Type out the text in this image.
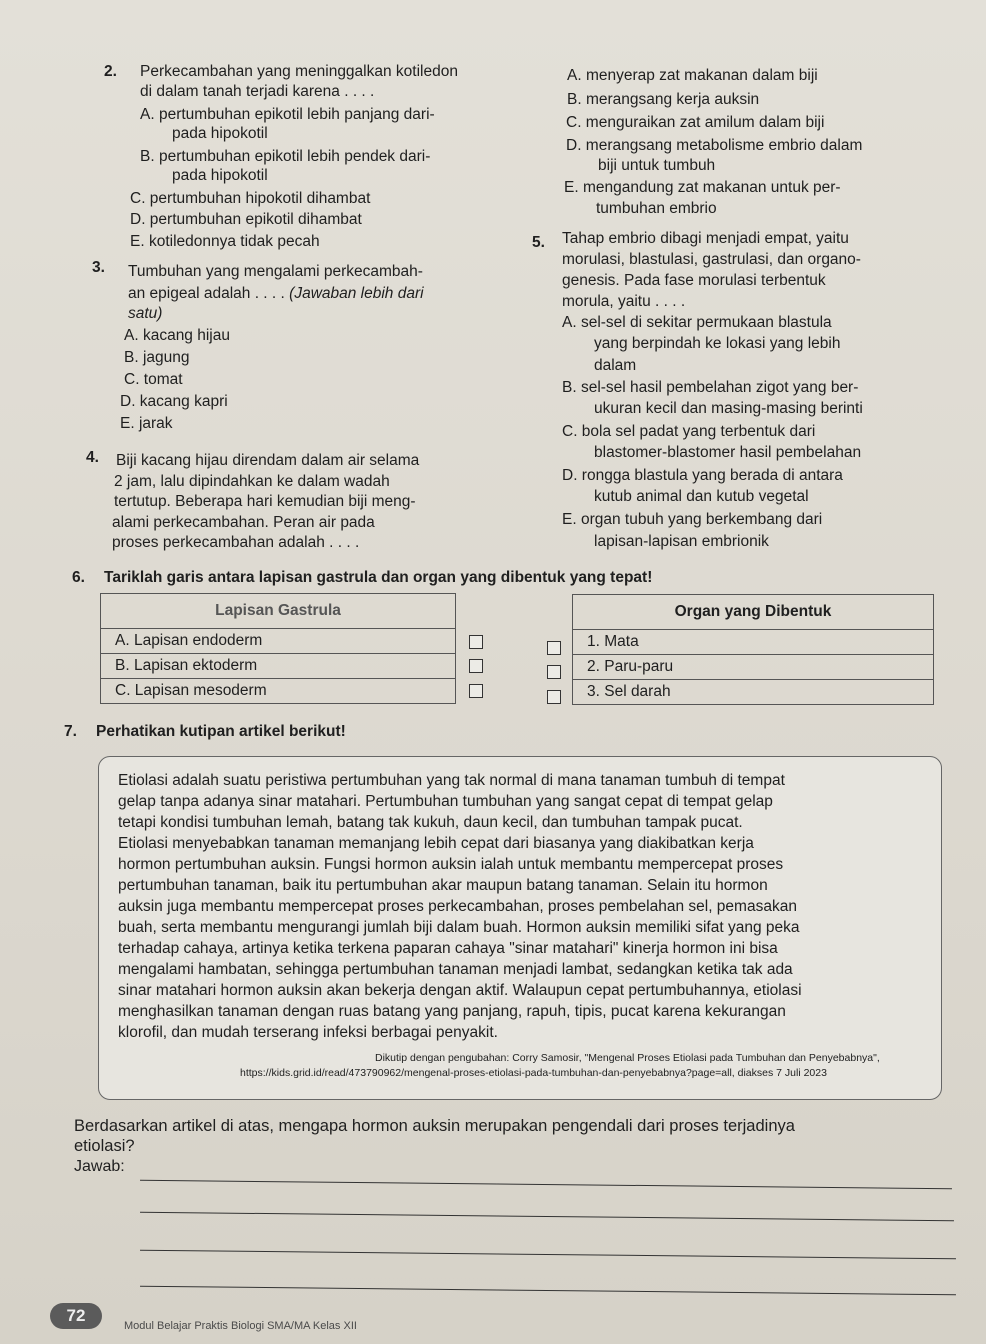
2. Perkecambahan yang meninggalkan kotiledon
di dalam tanah terjadi karena . . . .
A. pertumbuhan epikotil lebih panjang dari-
pada hipokotil
B. pertumbuhan epikotil lebih pendek dari-
pada hipokotil
C. pertumbuhan hipokotil dihambat
D. pertumbuhan epikotil dihambat
E. kotiledonnya tidak pecah
3. Tumbuhan yang mengalami perkecambah-
an epigeal adalah . . . . (Jawaban lebih dari
satu)
A. kacang hijau
B. jagung
C. tomat
D. kacang kapri
E. jarak
4. Biji kacang hijau direndam dalam air selama
2 jam, lalu dipindahkan ke dalam wadah
tertutup. Beberapa hari kemudian biji meng-
alami perkecambahan. Peran air pada
proses perkecambahan adalah . . . .
A. menyerap zat makanan dalam biji
B. merangsang kerja auksin
C. menguraikan zat amilum dalam biji
D. merangsang metabolisme embrio dalam
biji untuk tumbuh
E. mengandung zat makanan untuk per-
tumbuhan embrio
5. Tahap embrio dibagi menjadi empat, yaitu
morulasi, blastulasi, gastrulasi, dan organo-
genesis. Pada fase morulasi terbentuk
morula, yaitu . . . .
A. sel-sel di sekitar permukaan blastula
yang berpindah ke lokasi yang lebih
dalam
B. sel-sel hasil pembelahan zigot yang ber-
ukuran kecil dan masing-masing berinti
C. bola sel padat yang terbentuk dari
blastomer-blastomer hasil pembelahan
D. rongga blastula yang berada di antara
kutub animal dan kutub vegetal
E. organ tubuh yang berkembang dari
lapisan-lapisan embrionik
6. Tariklah garis antara lapisan gastrula dan organ yang dibentuk yang tepat!
Lapisan Gastrula
A. Lapisan endoderm
B. Lapisan ektoderm
C. Lapisan mesoderm
Organ yang Dibentuk
1. Mata
2. Paru-paru
3. Sel darah
7. Perhatikan kutipan artikel berikut!
Etiolasi adalah suatu peristiwa pertumbuhan yang tak normal di mana tanaman tumbuh di tempat
gelap tanpa adanya sinar matahari. Pertumbuhan tumbuhan yang sangat cepat di tempat gelap
tetapi kondisi tumbuhan lemah, batang tak kukuh, daun kecil, dan tumbuhan tampak pucat.
Etiolasi menyebabkan tanaman memanjang lebih cepat dari biasanya yang diakibatkan kerja
hormon pertumbuhan auksin. Fungsi hormon auksin ialah untuk membantu mempercepat proses
pertumbuhan tanaman, baik itu pertumbuhan akar maupun batang tanaman. Selain itu hormon
auksin juga membantu mempercepat proses perkecambahan, proses pembelahan sel, pemasakan
buah, serta membantu mengurangi jumlah biji dalam buah. Hormon auksin memiliki sifat yang peka
terhadap cahaya, artinya ketika terkena paparan cahaya "sinar matahari" kinerja hormon ini bisa
mengalami hambatan, sehingga pertumbuhan tanaman menjadi lambat, sedangkan ketika tak ada
sinar matahari hormon auksin akan bekerja dengan aktif. Walaupun cepat pertumbuhannya, etiolasi
menghasilkan tanaman dengan ruas batang yang panjang, rapuh, tipis, pucat karena kekurangan
klorofil, dan mudah terserang infeksi berbagai penyakit.
Dikutip dengan pengubahan: Corry Samosir, "Mengenal Proses Etiolasi pada Tumbuhan dan Penyebabnya",
https://kids.grid.id/read/473790962/mengenal-proses-etiolasi-pada-tumbuhan-dan-penyebabnya?page=all, diakses 7 Juli 2023
Berdasarkan artikel di atas, mengapa hormon auksin merupakan pengendali dari proses terjadinya
etiolasi?
Jawab:
72
Modul Belajar Praktis Biologi SMA/MA Kelas XII
